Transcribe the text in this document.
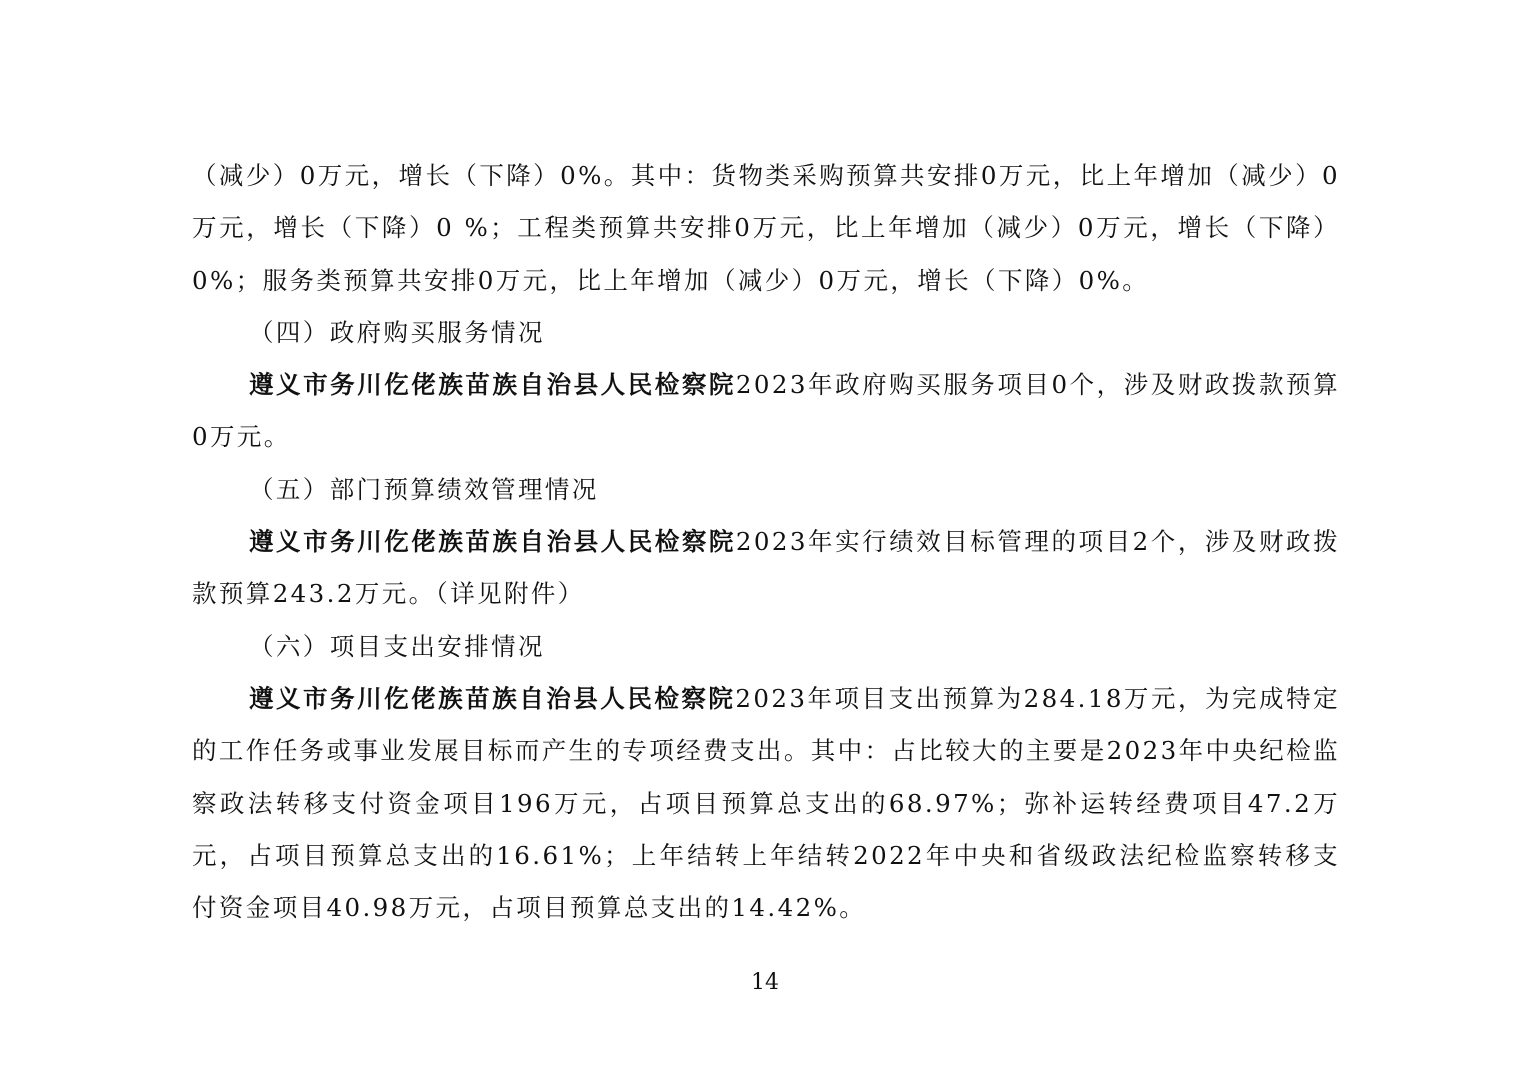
（减少）0万元，增长（下降）0%。其中：货物类采购预算共安排0万元，比上年增加（减少）0万元，增长（下降）0 %；工程类预算共安排0万元，比上年增加（减少）0万元，增长（下降）0%；服务类预算共安排0万元，比上年增加（减少）0万元，增长（下降）0%。

（四）政府购买服务情况

遵义市务川仡佬族苗族自治县人民检察院2023年政府购买服务项目0个，涉及财政拨款预算0万元。

（五）部门预算绩效管理情况

遵义市务川仡佬族苗族自治县人民检察院2023年实行绩效目标管理的项目2个，涉及财政拨款预算243.2万元。（详见附件）

（六）项目支出安排情况

遵义市务川仡佬族苗族自治县人民检察院2023年项目支出预算为284.18万元，为完成特定的工作任务或事业发展目标而产生的专项经费支出。其中：占比较大的主要是2023年中央纪检监察政法转移支付资金项目196万元，占项目预算总支出的68.97%；弥补运转经费项目47.2万元，占项目预算总支出的16.61%；上年结转上年结转2022年中央和省级政法纪检监察转移支付资金项目40.98万元，占项目预算总支出的14.42%。

14
